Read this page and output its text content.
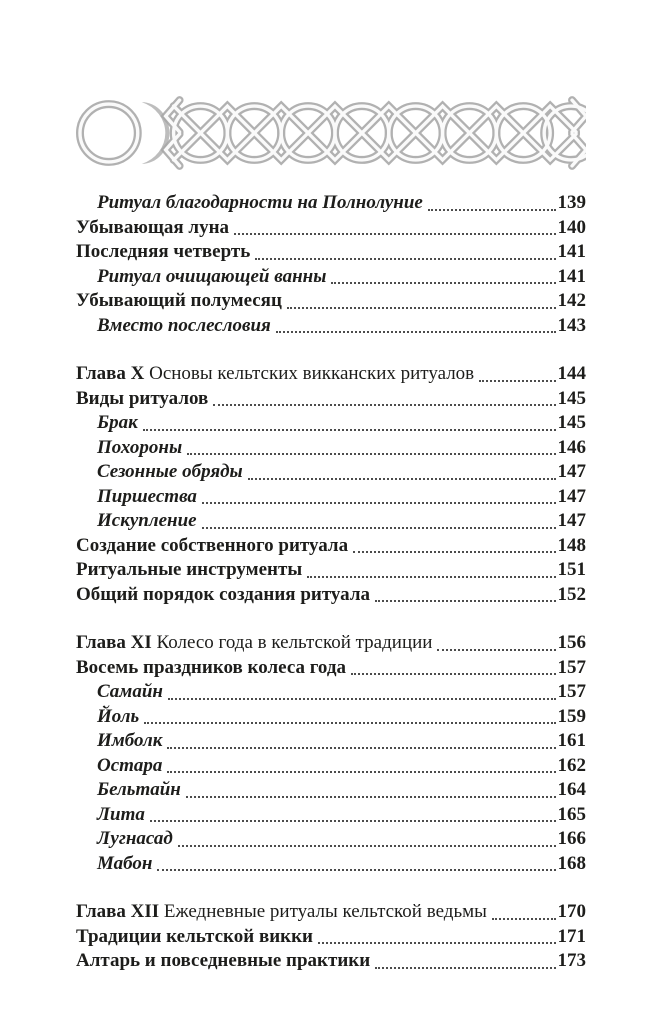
Ритуал благодарности на Полнолуние	139
Убывающая луна	140
Последняя четверть	141
Ритуал очищающей ванны	141
Убывающий полумесяц	142
Вместо послесловия	143
Глава X Основы кельтских викканских ритуалов	144
Виды ритуалов	145
Брак	145
Похороны	146
Сезонные обряды	147
Пиршества	147
Искупление	147
Создание собственного ритуала	148
Ритуальные инструменты	151
Общий порядок создания ритуала	152
Глава XI Колесо года в кельтской традиции	156
Восемь праздников колеса года	157
Самайн	157
Йоль	159
Имболк	161
Остара	162
Бельтайн	164
Лита	165
Лугнасад	166
Мабон	168
Глава XII Ежедневные ритуалы кельтской ведьмы	170
Традиции кельтской викки	171
Алтарь и повседневные практики	173
